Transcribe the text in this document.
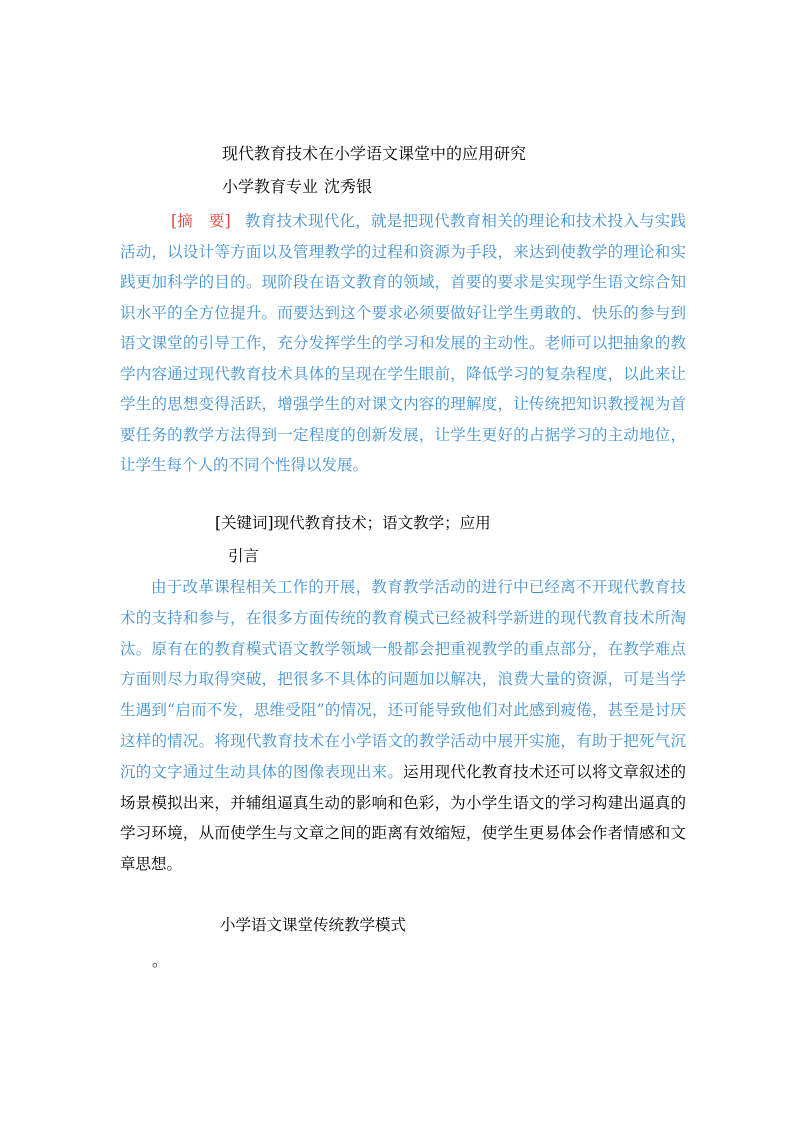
现代教育技术在小学语文课堂中的应用研究
小学教育专业 沈秀银

[摘　要] 教育技术现代化，就是把现代教育相关的理论和技术投入与实践活动，以设计等方面以及管理教学的过程和资源为手段，来达到使教学的理论和实践更加科学的目的。现阶段在语文教育的领域，首要的要求是实现学生语文综合知识水平的全方位提升。而要达到这个要求必须要做好让学生勇敢的、快乐的参与到语文课堂的引导工作，充分发挥学生的学习和发展的主动性。老师可以把抽象的教学内容通过现代教育技术具体的呈现在学生眼前，降低学习的复杂程度，以此来让学生的思想变得活跃，增强学生的对课文内容的理解度，让传统把知识教授视为首要任务的教学方法得到一定程度的创新发展，让学生更好的占据学习的主动地位，让学生每个人的不同个性得以发展。

[关键词]现代教育技术；语文教学；应用
引言

由于改革课程相关工作的开展，教育教学活动的进行中已经离不开现代教育技术的支持和参与，在很多方面传统的教育模式已经被科学新进的现代教育技术所淘汰。原有在的教育模式语文教学领域一般都会把重视教学的重点部分，在教学难点方面则尽力取得突破，把很多不具体的问题加以解决，浪费大量的资源，可是当学生遇到“启而不发，思维受阻”的情况，还可能导致他们对此感到疲倦，甚至是讨厌这样的情况。将现代教育技术在小学语文的教学活动中展开实施，有助于把死气沉沉的文字通过生动具体的图像表现出来。运用现代化教育技术还可以将文章叙述的场景模拟出来，并辅组逼真生动的影响和色彩，为小学生语文的学习构建出逼真的学习环境，从而使学生与文章之间的距离有效缩短，使学生更易体会作者情感和文章思想。

小学语文课堂传统教学模式
。
